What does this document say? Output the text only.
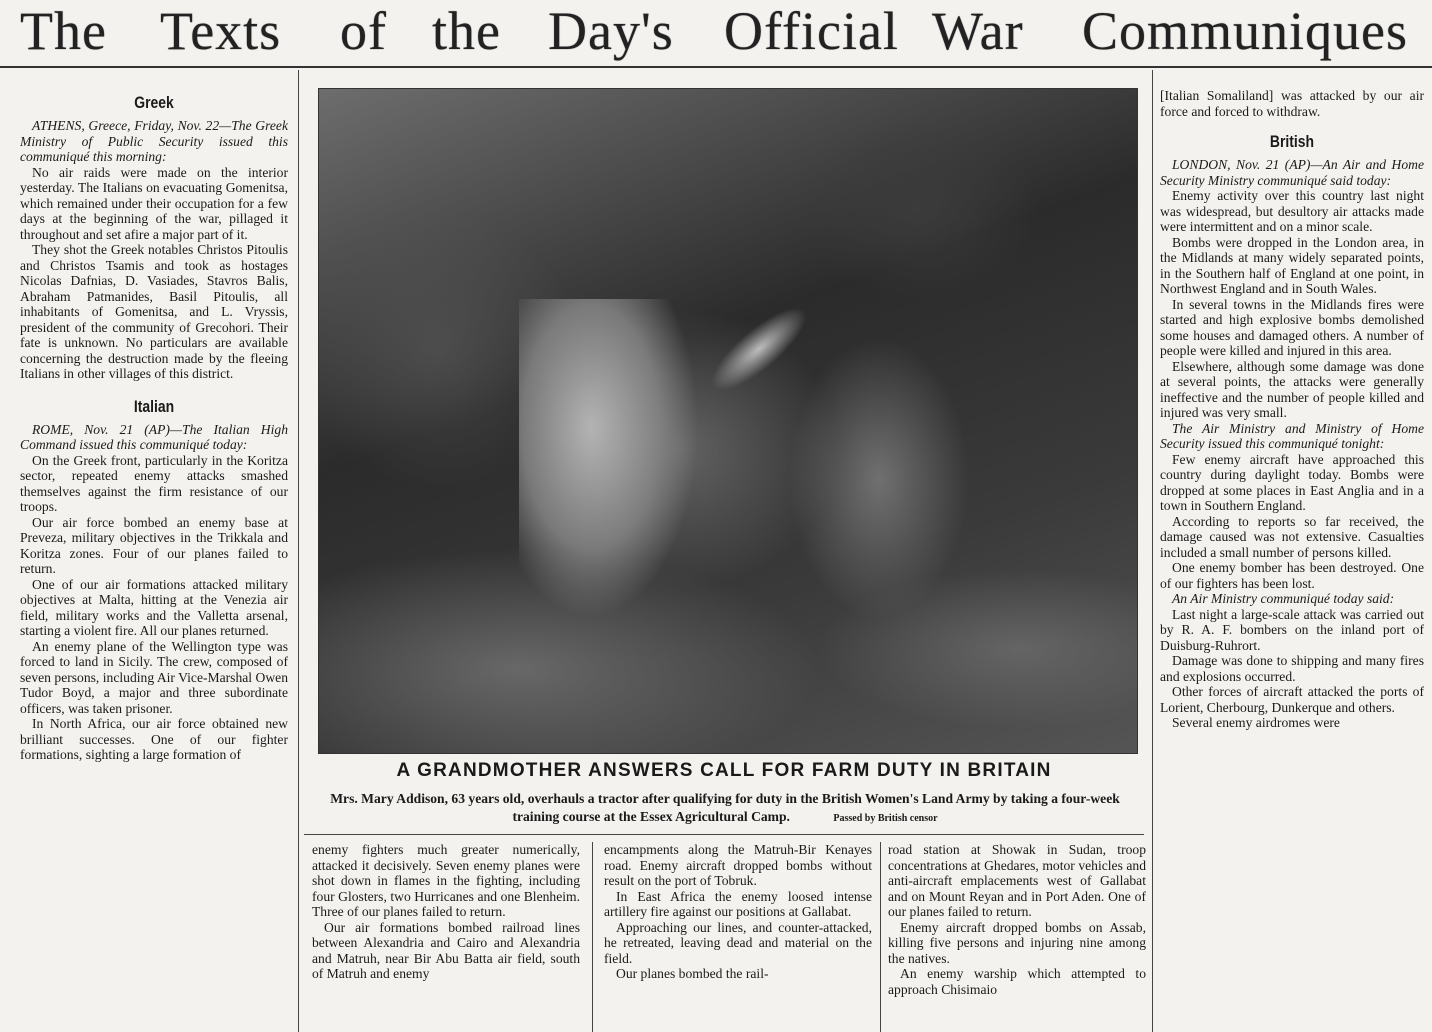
The Texts of the Day's Official War Communiques
Greek

ATHENS, Greece, Friday, Nov. 22—The Greek Ministry of Public Security issued this communiqué this morning:

No air raids were made on the interior yesterday. The Italians on evacuating Gomenitsa, which remained under their occupation for a few days at the beginning of the war, pillaged it throughout and set afire a major part of it.

They shot the Greek notables Christos Pitoulis and Christos Tsamis and took as hostages Nicolas Dafnias, D. Vasiades, Stavros Balis, Abraham Patmanides, Basil Pitoulis, all inhabitants of Gomenitsa, and L. Vryssis, president of the community of Grecohori. Their fate is unknown. No particulars are available concerning the destruction made by the fleeing Italians in other villages of this district.

Italian

ROME, Nov. 21 (AP)—The Italian High Command issued this communiqué today:

On the Greek front, particularly in the Koritza sector, repeated enemy attacks smashed themselves against the firm resistance of our troops.

Our air force bombed an enemy base at Preveza, military objectives in the Trikkala and Koritza zones. Four of our planes failed to return.

One of our air formations attacked military objectives at Malta, hitting at the Venezia air field, military works and the Valletta arsenal, starting a violent fire. All our planes returned.

An enemy plane of the Wellington type was forced to land in Sicily. The crew, composed of seven persons, including Air Vice-Marshal Owen Tudor Boyd, a major and three subordinate officers, was taken prisoner.

In North Africa, our air force obtained new brilliant successes. One of our fighter formations, sighting a large formation of

A GRANDMOTHER ANSWERS CALL FOR FARM DUTY IN BRITAIN
Mrs. Mary Addison, 63 years old, overhauls a tractor after qualifying for duty in the British Women's Land Army by taking a four-week training course at the Essex Agricultural Camp.	Passed by British censor

enemy fighters much greater numerically, attacked it decisively. Seven enemy planes were shot down in flames in the fighting, including four Glosters, two Hurricanes and one Blenheim. Three of our planes failed to return.

Our air formations bombed railroad lines between Alexandria and Cairo and Alexandria and Matruh, near Bir Abu Batta air field, south of Matruh and enemy

encampments along the Matruh-Bir Kenayes road. Enemy aircraft dropped bombs without result on the port of Tobruk.

In East Africa the enemy loosed intense artillery fire against our positions at Gallabat.

Approaching our lines, and counter-attacked, he retreated, leaving dead and material on the field.

Our planes bombed the rail-

road station at Showak in Sudan, troop concentrations at Ghedares, motor vehicles and anti-aircraft emplacements west of Gallabat and on Mount Reyan and in Port Aden. One of our planes failed to return.

Enemy aircraft dropped bombs on Assab, killing five persons and injuring nine among the natives.

An enemy warship which attempted to approach Chisimaio

[Italian Somaliland] was attacked by our air force and forced to withdraw.

British

LONDON, Nov. 21 (AP)—An Air and Home Security Ministry communiqué said today:

Enemy activity over this country last night was widespread, but desultory air attacks made were intermittent and on a minor scale.

Bombs were dropped in the London area, in the Midlands at many widely separated points, in the Southern half of England at one point, in Northwest England and in South Wales.

In several towns in the Midlands fires were started and high explosive bombs demolished some houses and damaged others. A number of people were killed and injured in this area.

Elsewhere, although some damage was done at several points, the attacks were generally ineffective and the number of people killed and injured was very small.

The Air Ministry and Ministry of Home Security issued this communiqué tonight:

Few enemy aircraft have approached this country during daylight today. Bombs were dropped at some places in East Anglia and in a town in Southern England.

According to reports so far received, the damage caused was not extensive. Casualties included a small number of persons killed.

One enemy bomber has been destroyed. One of our fighters has been lost.

An Air Ministry communiqué today said:

Last night a large-scale attack was carried out by R. A. F. bombers on the inland port of Duisburg-Ruhrort.

Damage was done to shipping and many fires and explosions occurred.

Other forces of aircraft attacked the ports of Lorient, Cherbourg, Dunkerque and others.

Several enemy airdromes were
